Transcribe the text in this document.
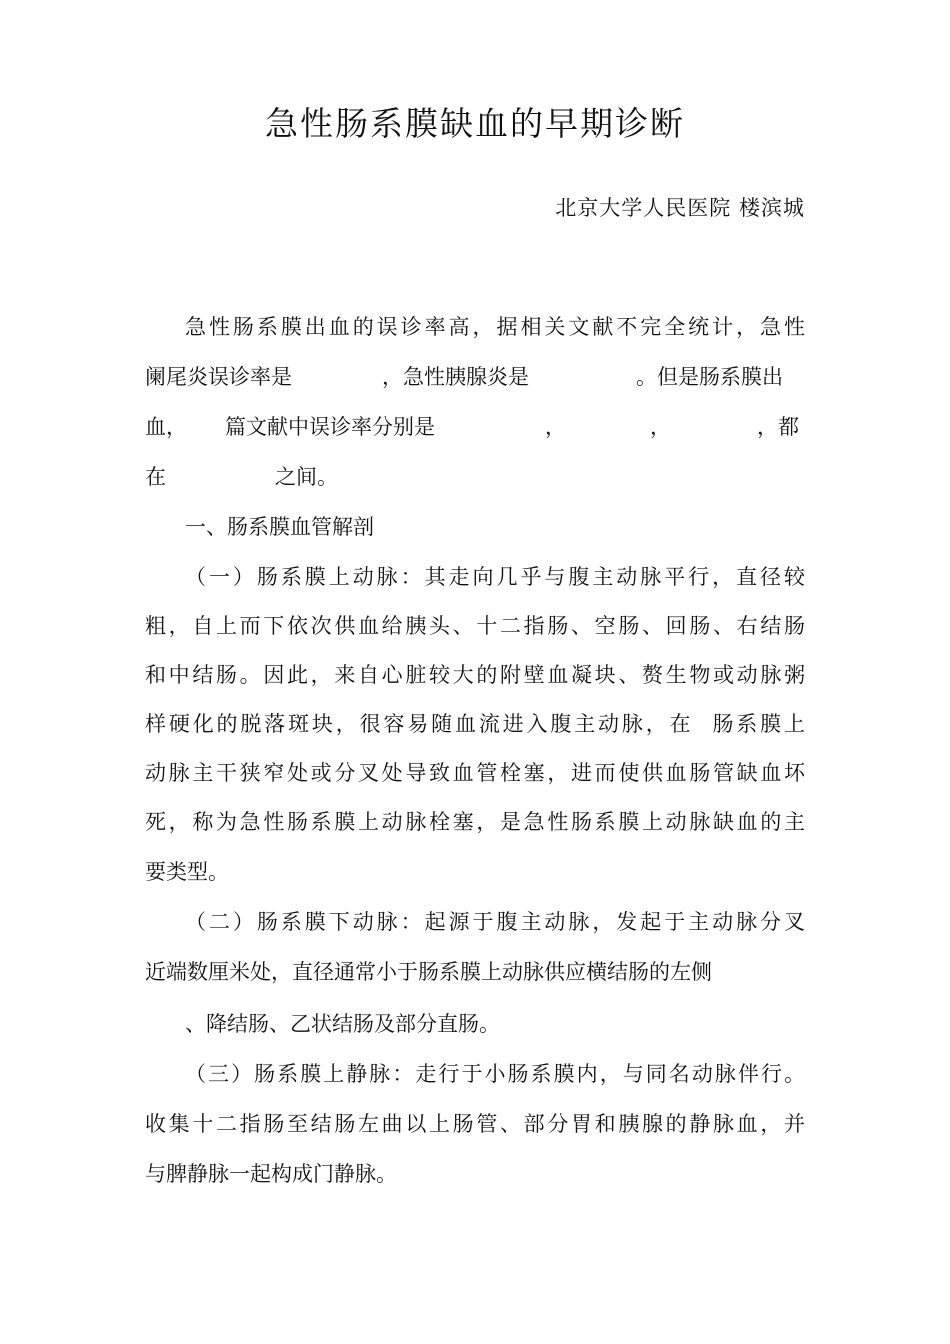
急性肠系膜缺血的早期诊断
北京大学人民医院 楼滨城
急性肠系膜出血的误诊率高，据相关文献不完全统计，急性
阑尾炎误诊率是	，急性胰腺炎是	。但是肠系膜出
血， 篇文献中误诊率分别是	，	，	，都
在	之间。
一、肠系膜血管解剖
（一）肠系膜上动脉：其走向几乎与腹主动脉平行，直径较
粗，自上而下依次供血给胰头、十二指肠、空肠、回肠、右结肠
和中结肠。因此，来自心脏较大的附壁血凝块、赘生物或动脉粥
样硬化的脱落斑块，很容易随血流进入腹主动脉，在  肠系膜上
动脉主干狭窄处或分叉处导致血管栓塞，进而使供血肠管缺血坏
死，称为急性肠系膜上动脉栓塞，是急性肠系膜上动脉缺血的主
要类型。
（二）肠系膜下动脉：起源于腹主动脉，发起于主动脉分叉
近端数厘米处，直径通常小于肠系膜上动脉供应横结肠的左侧
、降结肠、乙状结肠及部分直肠。
（三）肠系膜上静脉：走行于小肠系膜内，与同名动脉伴行。
收集十二指肠至结肠左曲以上肠管、部分胃和胰腺的静脉血，并
与脾静脉一起构成门静脉。
